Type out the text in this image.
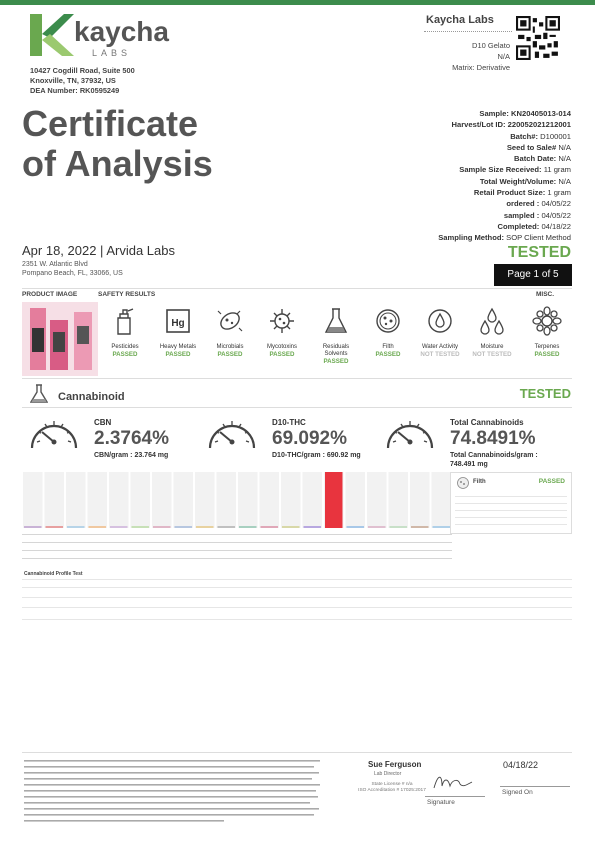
kaycha
LABS
10427 Cogdill Road, Suite 500
Knoxville, TN, 37932, US
DEA Number: RK0595249
Certificate
of Analysis
Kaycha Labs
D10 Gelato
N/A
Matrix: Derivative
Sample: KN20405013-014
Harvest/Lot ID: 220052021212001
Batch#: D100001
Seed to Sale# N/A
Batch Date: N/A
Sample Size Received: 11 gram
Total Weight/Volume: N/A
Retail Product Size: 1 gram
ordered : 04/05/22
sampled : 04/05/22
Completed: 04/18/22
Sampling Method: SOP Client Method
Apr 18, 2022 | Arvida Labs
2351 W. Atlantic Blvd
Pompano Beach, FL, 33066, US
TESTED
Page 1 of 5
PRODUCT IMAGE	SAFETY RESULTS	MISC.
Pesticides
PASSED
Hg
Heavy Metals
PASSED
Microbials
PASSED
Mycotoxins
PASSED
Residuals
Solvents
PASSED
Filth
PASSED
Water Activity
NOT TESTED
Moisture
NOT TESTED
Terpenes
PASSED
Cannabinoid	TESTED
CBN
2.3764%
CBN/gram : 23.764 mg
D10-THC
69.092%
D10-THC/gram : 690.92 mg
Total Cannabinoids
74.8491%
Total Cannabinoids/gram :
748.491 mg
Filth	PASSED
Cannabinoid Profile Test
Sue Ferguson
Lab Director
State License # n/a
ISO Accreditation # 17025:2017
04/18/22
Signature
Signed On
